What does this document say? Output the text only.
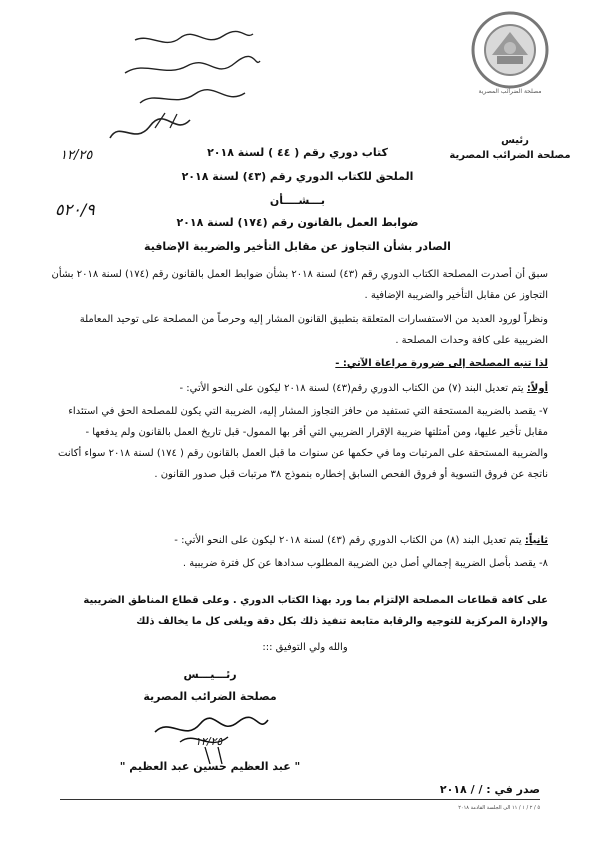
مصلحة الضرائب المصرية
رئيس
مصلحة الضرائب المصرية
١٢/٢٥
٥٢٠/٩
كتاب دوري رقم ( ٤٤ ) لسنة ٢٠١٨
الملحق للكتاب الدوري رقم (٤٣) لسنة ٢٠١٨
بـــشــــأن
ضوابط العمل بالقانون رقم (١٧٤) لسنة ٢٠١٨
الصادر بشأن التجاوز عن مقابل التأخير والضريبة الإضافية
سبق أن أصدرت المصلحة الكتاب الدوري رقم (٤٣) لسنة ٢٠١٨ بشأن ضوابط العمل بالقانون رقم (١٧٤) لسنة ٢٠١٨ بشأن التجاوز عن مقابل التأخير والضريبة الإضافية .
ونظراً لورود العديد من الاستفسارات المتعلقة بتطبيق القانون المشار إليه وحرصاً من المصلحة على توحيد المعاملة الضريبية على كافة وحدات المصلحة .
لذا تنبه المصلحة إلى ضرورة مراعاة الآتي: -
أولاً: يتم تعديل البند (٧) من الكتاب الدوري رقم(٤٣) لسنة ٢٠١٨ ليكون على النحو الأتي: -
٧- يقصد بالضريبة المستحقة التي تستفيد من حافز التجاوز المشار إليه، الضريبة التي يكون للمصلحة الحق في استئداء مقابل تأخير عليها، ومن أمثلتها ضريبة الإقرار الضريبي التي أقر بها الممول- قبل تاريخ العمل بالقانون ولم يدفعها - والضريبة المستحقة على المرتبات وما في حكمها عن سنوات ما قبل العمل بالقانون رقم ( ١٧٤) لسنة ٢٠١٨ سواء أكانت ناتجة عن فروق التسوية أو فروق الفحص السابق إخطاره بنموذج ٣٨ مرتبات قبل صدور القانون .
ثانياً: يتم تعديل البند (٨) من الكتاب الدوري رقم (٤٣) لسنة ٢٠١٨ ليكون على النحو الأتي: -
٨- يقصد بأصل الضريبة إجمالي أصل دين الضريبة المطلوب سدادها عن كل فترة ضريبية .
على كافة قطاعات المصلحة الإلتزام بما ورد بهذا الكتاب الدوري . وعلى قطاع المناطق الضريبية والإدارة المركزية للتوجيه والرقابة متابعة تنفيذ ذلك بكل دقة ويلغى كل ما يخالف ذلك
والله ولي التوفيق :::
رئـــيـــس
مصلحة الضرائب المصرية
١٢/٢٥
" عبد العظيم حسين عبد العظيم "
صدر في : / / ٢٠١٨
٥ / ٢ / ١ / ١١ الى الجلسة القادمة ٢٠١٨
